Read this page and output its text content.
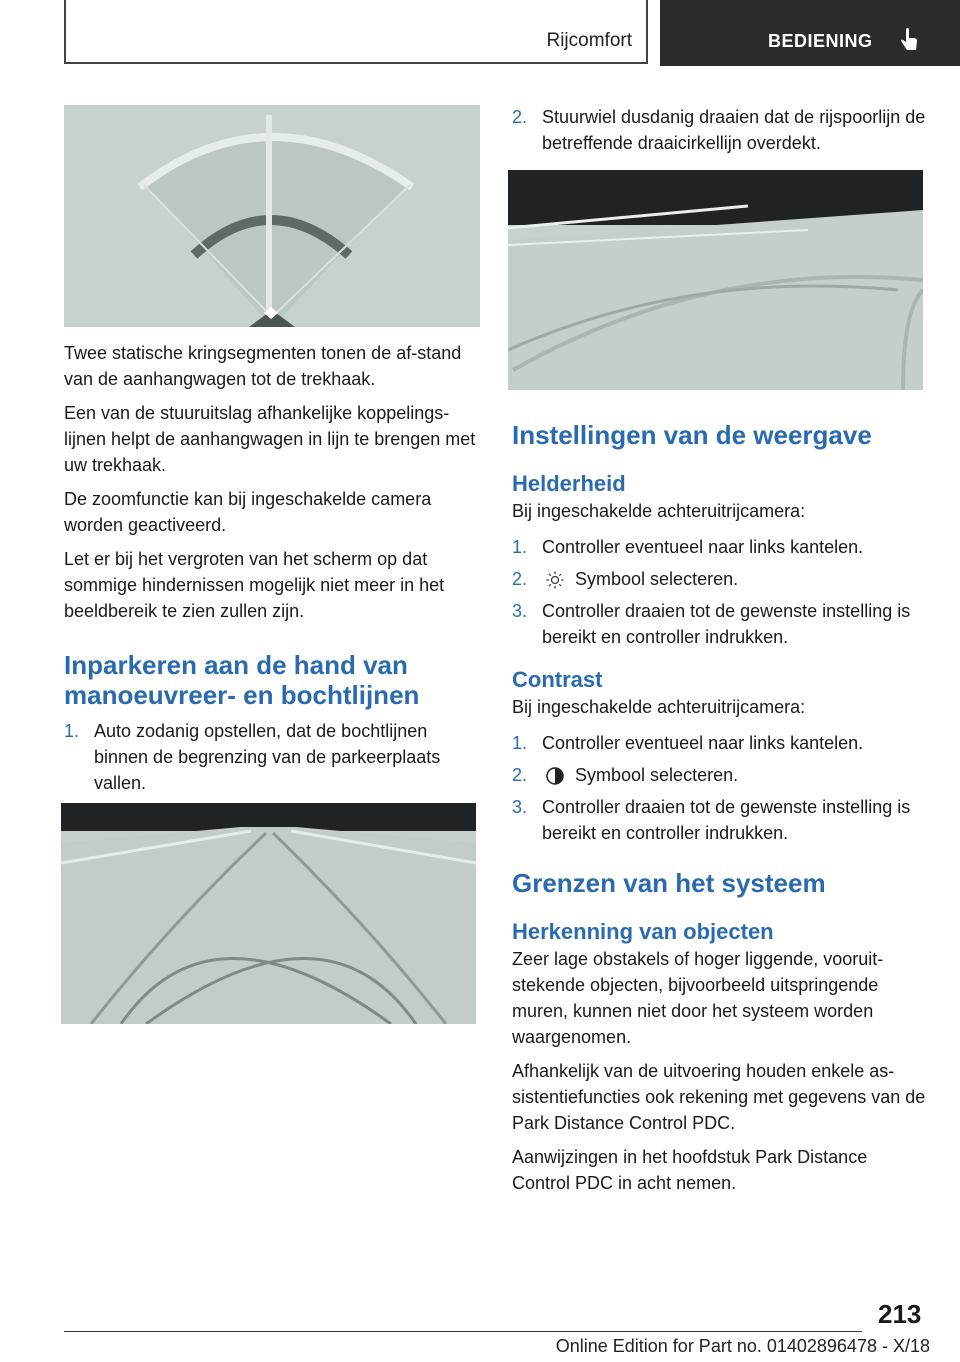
Rijcomfort	BEDIENING

Twee statische kringsegmenten tonen de af-stand van de aanhangwagen tot de trekhaak.

Een van de stuuruitslag afhankelijke koppelings-lijnen helpt de aanhangwagen in lijn te brengen met uw trekhaak.

De zoomfunctie kan bij ingeschakelde camera worden geactiveerd.

Let er bij het vergroten van het scherm op dat sommige hindernissen mogelijk niet meer in het beeldbereik te zien zullen zijn.

Inparkeren aan de hand van manoeuvreer- en bochtlijnen
1. Auto zodanig opstellen, dat de bochtlijnen binnen de begrenzing van de parkeerplaats vallen.
2. Stuurwiel dusdanig draaien dat de rijspoorlijn de betreffende draaicirkellijn overdekt.
Instellingen van de weergave
Helderheid

Bij ingeschakelde achteruitrijcamera:

1. Controller eventueel naar links kantelen.
2.	Symbool selecteren.
3. Controller draaien tot de gewenste instelling is bereikt en controller indrukken.
Contrast

Bij ingeschakelde achteruitrijcamera:

1. Controller eventueel naar links kantelen.
2.	Symbool selecteren.
3. Controller draaien tot de gewenste instelling is bereikt en controller indrukken.
Grenzen van het systeem
Herkenning van objecten

Zeer lage obstakels of hoger liggende, vooruit-stekende objecten, bijvoorbeeld uitspringende muren, kunnen niet door het systeem worden waargenomen.

Afhankelijk van de uitvoering houden enkele as-sistentiefuncties ook rekening met gegevens van de Park Distance Control PDC.

Aanwijzingen in het hoofdstuk Park Distance Control PDC in acht nemen.

213
Online Edition for Part no. 01402896478 - X/18
